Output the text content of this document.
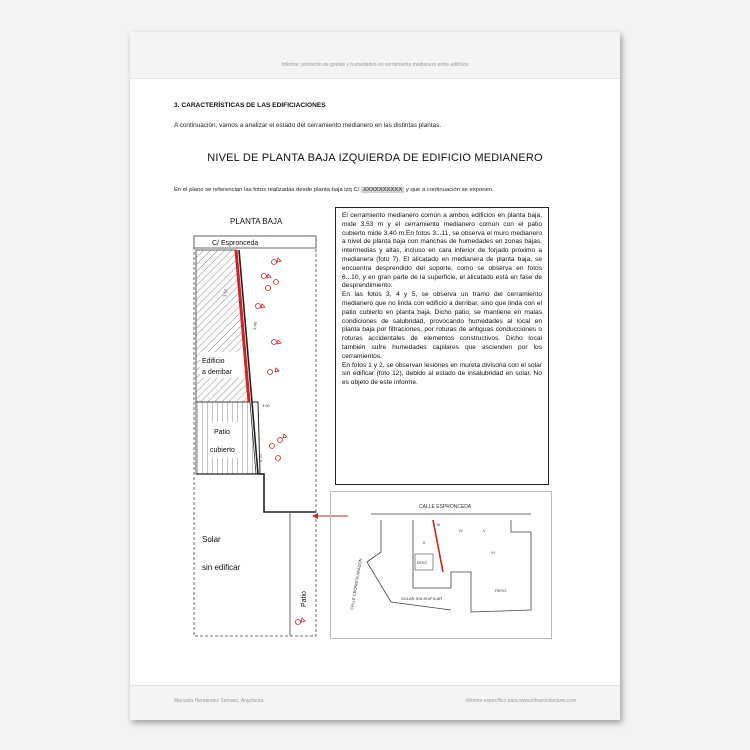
Informe: protocolo de grietas y humedades en cerramiento medianero entre edificios
3. CARACTERÍSTICAS DE LAS EDIFICIACIONES
A continuación, vamos a analizar el estado del cerramiento medianero en las distintas plantas.
NIVEL DE PLANTA BAJA IZQUIERDA DE EDIFICIO MEDIANERO
En el plano se referencian las fotos realizadas desde planta baja izq C/ XXXXXXXXXX y que a continuación se exponen.
PLANTA BAJA
C/ Espronceda
Edificio
a derribar
Patio
cubierto
3.53
3.40
3.60
0.70
Solar
sin edificar
Patio

El cerramiento medianero común a ambos edificios en planta baja, mide 3.53 m y el cerramiento medianero común con el patio cubierto mide 3.40 m.En fotos 3...11, se observa el muro medianero a nivel de planta baja con manchas de humedades en zonas bajas, intermedias y altas, incluso en cara inferior de forjado próximo a medianera (foto 7). El alicatado en medianera de planta baja, se encuentra desprendido del soporte, como se observa en fotos 6...10, y en gran parte de la superficie, el alicatado está en fase de desprendimiento.

En las fotos 3, 4 y 5, se observa un tramo del cerramiento medianero que no linda con edificio a derribar, sino que linda con el patio cubierto en planta baja. Dicho patio, se mantiene en malas condiciones de salubridad, provocando humedades al local en planta baja por filtraciones, por roturas de antiguas conducciones o roturas accidentales de elementos constructivos. Dicho local también sufre humedades capilares que ascienden por los cerramientos.

En fotos 1 y 2, se observan lesiones en mureta divisoria con el solar sin edificar (foto 12), debido al estado de insalubridad en solar. No es objeto de este informe.

CALLE ESPRONCEDA
III
II
IV	V
VI
PATIO
PATIO
SOLAR SIN EDIFICAR
CALLE CRONISTA ARAGÓN
Manuela Hernández Serrano. Arquitecta.	Informe específico para www.infoarchitecture.com
